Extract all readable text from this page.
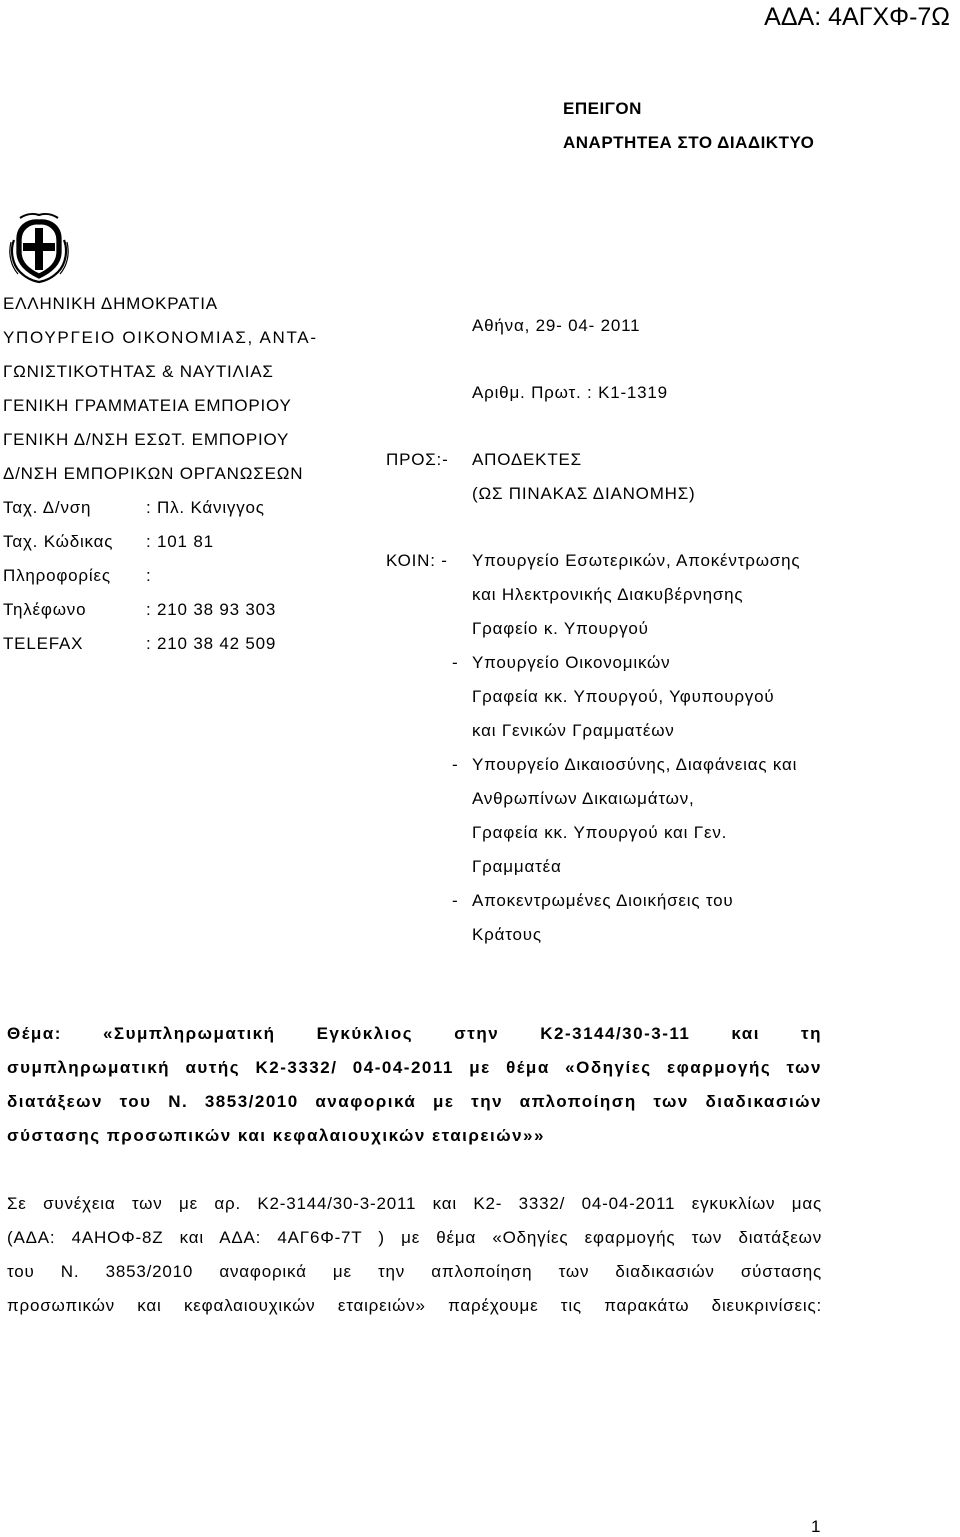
ΑΔΑ: 4ΑΓΧΦ-7Ω
ΕΠΕΙΓΟΝ
ΑΝΑΡΤΗΤΕΑ ΣΤΟ ΔΙΑΔΙΚΤΥΟ
ΕΛΛΗΝΙΚΗ ΔΗΜΟΚΡΑΤΙΑ
ΥΠΟΥΡΓΕΙΟ ΟΙΚΟΝΟΜΙΑΣ, ΑΝΤΑ-
ΓΩΝΙΣΤΙΚΟΤΗΤΑΣ & ΝΑΥΤΙΛΙΑΣ
ΓΕΝΙΚΗ ΓΡΑΜΜΑΤΕΙΑ ΕΜΠΟΡΙΟΥ
ΓΕΝΙΚΗ Δ/ΝΣΗ ΕΣΩΤ. ΕΜΠΟΡΙΟΥ
Δ/ΝΣΗ ΕΜΠΟΡΙΚΩΝ ΟΡΓΑΝΩΣΕΩΝ
Ταχ. Δ/νση	: Πλ. Κάνιγγος
Ταχ. Κώδικας : 101 81
Πληροφορίες :
Τηλέφωνο	: 210 38 93 303
TELEFAX	: 210 38 42 509
Αθήνα, 29- 04- 2011
Αριθμ. Πρωτ. : Κ1-1319
ΠΡΟΣ:- ΑΠΟΔΕΚΤΕΣ
(ΩΣ ΠΙΝΑΚΑΣ ΔΙΑΝΟΜΗΣ)
ΚΟΙΝ: - Υπουργείο Εσωτερικών, Αποκέντρωσης
και Ηλεκτρονικής Διακυβέρνησης
Γραφείο κ. Υπουργού
- Υπουργείο Οικονομικών
Γραφεία κκ. Υπουργού, Υφυπουργού
και Γενικών Γραμματέων
- Υπουργείο Δικαιοσύνης, Διαφάνειας και
Ανθρωπίνων Δικαιωμάτων,
Γραφεία κκ. Υπουργού και Γεν.
Γραμματέα
- Αποκεντρωμένες Διοικήσεις του
Κράτους
Θέμα: «Συμπληρωματική Εγκύκλιος στην Κ2-3144/30-3-11 και τη
συμπληρωματική αυτής Κ2-3332/ 04-04-2011 με θέμα «Οδηγίες εφαρμογής των
διατάξεων του Ν. 3853/2010 αναφορικά με την απλοποίηση των διαδικασιών
σύστασης προσωπικών και κεφαλαιουχικών εταιρειών»»
Σε συνέχεια των με αρ. Κ2-3144/30-3-2011 και Κ2- 3332/ 04-04-2011 εγκυκλίων μας
(ΑΔΑ: 4ΑΗΟΦ-8Ζ και ΑΔΑ: 4ΑΓ6Φ-7Τ ) με θέμα «Οδηγίες εφαρμογής των διατάξεων
του Ν. 3853/2010 αναφορικά με την απλοποίηση των διαδικασιών σύστασης
προσωπικών και κεφαλαιουχικών εταιρειών» παρέχουμε τις παρακάτω διευκρινίσεις:
1
